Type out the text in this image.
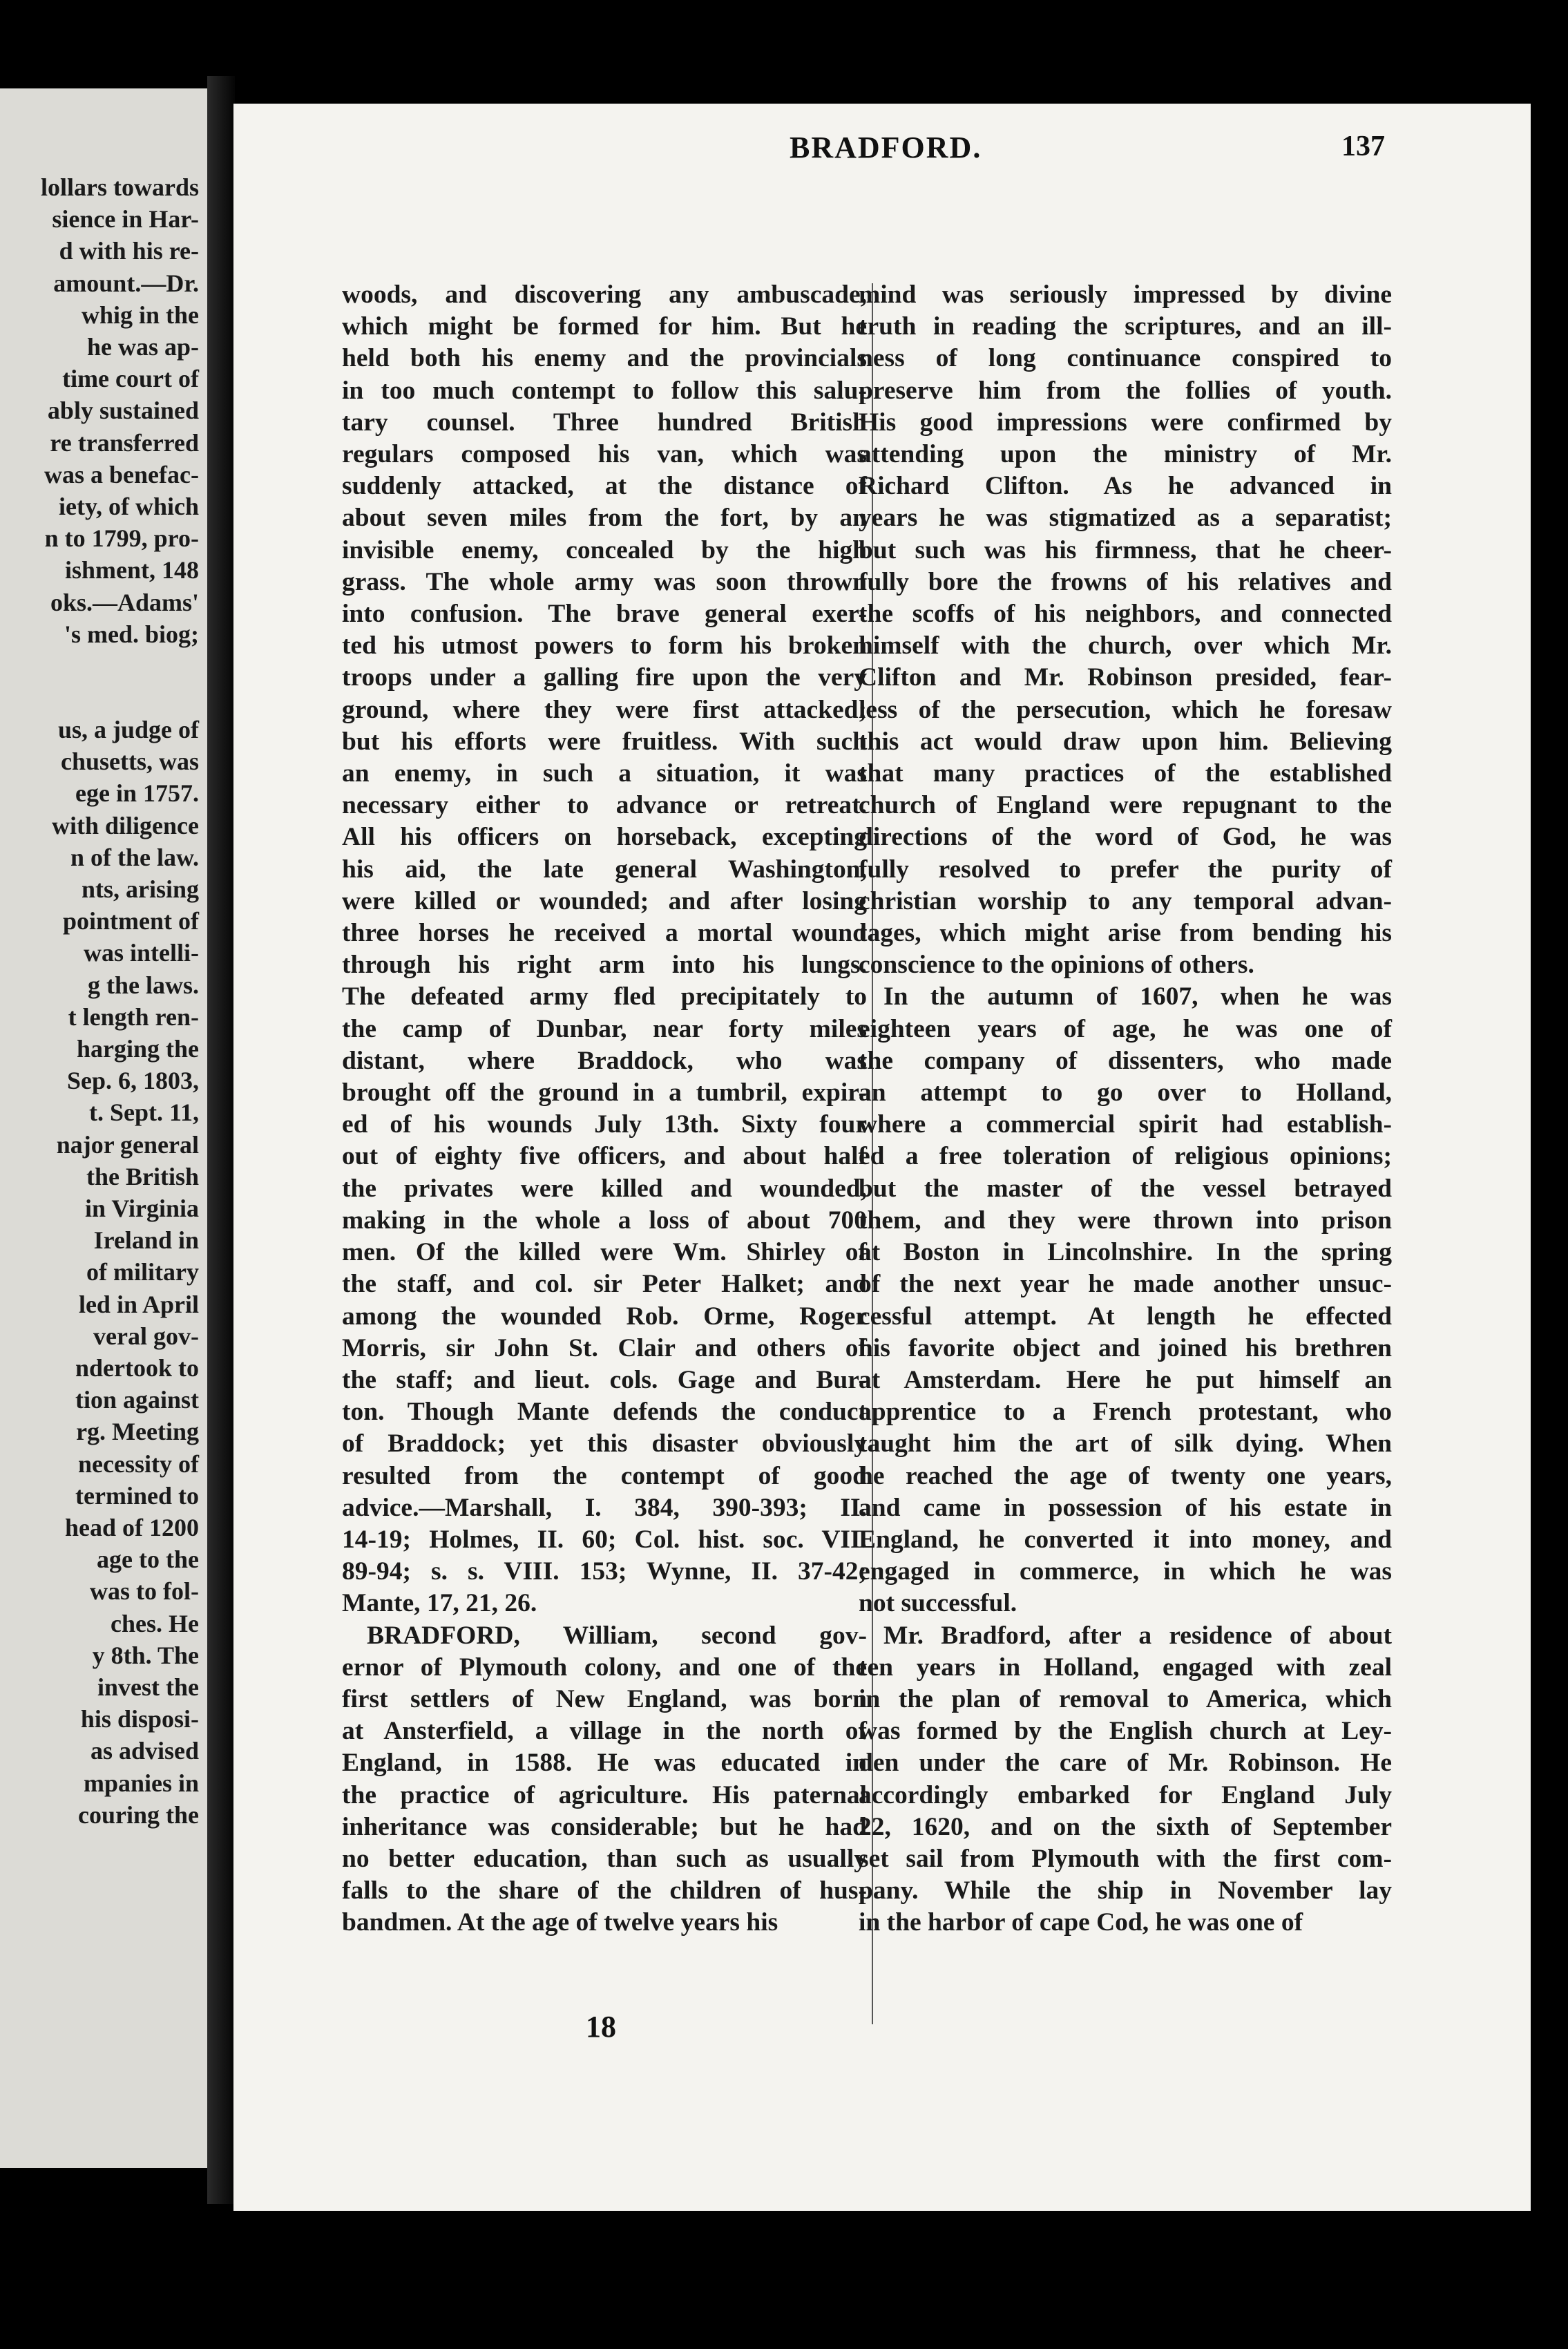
lollars towards
sience in Har-
d with his re-
amount.—Dr.
whig in the
he was ap-
time court of
ably sustained
re transferred
was a benefac-
iety, of which
n to 1799, pro-
ishment, 148
oks.—Adams'
's med. biog;
us, a judge of
chusetts, was
ege in 1757.
with diligence
n of the law.
nts, arising
pointment of
was intelli-
g the laws.
t length ren-
harging the
Sep. 6, 1803,
t. Sept. 11,
najor general
the British
in Virginia
Ireland in
of military
led in April
veral gov-
ndertook to
tion against
rg. Meeting
necessity of
termined to
head of 1200
age to the
was to fol-
ches. He
y 8th. The
invest the
his disposi-
as advised
mpanies in
couring the
BRADFORD.	137
woods, and discovering any ambuscade,
which might be formed for him. But he
held both his enemy and the provincials
in too much contempt to follow this salu-
tary counsel. Three hundred British
regulars composed his van, which was
suddenly attacked, at the distance of
about seven miles from the fort, by an
invisible enemy, concealed by the high
grass. The whole army was soon thrown
into confusion. The brave general exer-
ted his utmost powers to form his broken
troops under a galling fire upon the very
ground, where they were first attacked;
but his efforts were fruitless. With such
an enemy, in such a situation, it was
necessary either to advance or retreat.
All his officers on horseback, excepting
his aid, the late general Washington,
were killed or wounded; and after losing
three horses he received a mortal wound
through his right arm into his lungs.
The defeated army fled precipitately to
the camp of Dunbar, near forty miles
distant, where Braddock, who was
brought off the ground in a tumbril, expir-
ed of his wounds July 13th. Sixty four
out of eighty five officers, and about half
the privates were killed and wounded,
making in the whole a loss of about 700
men. Of the killed were Wm. Shirley of
the staff, and col. sir Peter Halket; and
among the wounded Rob. Orme, Roger
Morris, sir John St. Clair and others of
the staff; and lieut. cols. Gage and Bur-
ton. Though Mante defends the conduct
of Braddock; yet this disaster obviously
resulted from the contempt of good
advice.—Marshall, I. 384, 390-393; II.
14-19; Holmes, II. 60; Col. hist. soc. VII.
89-94; s. s. VIII. 153; Wynne, II. 37-42;
Mante, 17, 21, 26.
BRADFORD, William, second gov-
ernor of Plymouth colony, and one of the
first settlers of New England, was born
at Ansterfield, a village in the north of
England, in 1588. He was educated in
the practice of agriculture. His paternal
inheritance was considerable; but he had
no better education, than such as usually
falls to the share of the children of hus-
bandmen. At the age of twelve years his
mind was seriously impressed by divine
truth in reading the scriptures, and an ill-
ness of long continuance conspired to
preserve him from the follies of youth.
His good impressions were confirmed by
attending upon the ministry of Mr.
Richard Clifton. As he advanced in
years he was stigmatized as a separatist;
but such was his firmness, that he cheer-
fully bore the frowns of his relatives and
the scoffs of his neighbors, and connected
himself with the church, over which Mr.
Clifton and Mr. Robinson presided, fear-
less of the persecution, which he foresaw
this act would draw upon him. Believing
that many practices of the established
church of England were repugnant to the
directions of the word of God, he was
fully resolved to prefer the purity of
christian worship to any temporal advan-
tages, which might arise from bending his
conscience to the opinions of others.
In the autumn of 1607, when he was
eighteen years of age, he was one of
the company of dissenters, who made
an attempt to go over to Holland,
where a commercial spirit had establish-
ed a free toleration of religious opinions;
but the master of the vessel betrayed
them, and they were thrown into prison
at Boston in Lincolnshire. In the spring
of the next year he made another unsuc-
cessful attempt. At length he effected
his favorite object and joined his brethren
at Amsterdam. Here he put himself an
apprentice to a French protestant, who
taught him the art of silk dying. When
he reached the age of twenty one years,
and came in possession of his estate in
England, he converted it into money, and
engaged in commerce, in which he was
not successful.
Mr. Bradford, after a residence of about
ten years in Holland, engaged with zeal
in the plan of removal to America, which
was formed by the English church at Ley-
den under the care of Mr. Robinson. He
accordingly embarked for England July
22, 1620, and on the sixth of September
set sail from Plymouth with the first com-
pany. While the ship in November lay
in the harbor of cape Cod, he was one of
18
